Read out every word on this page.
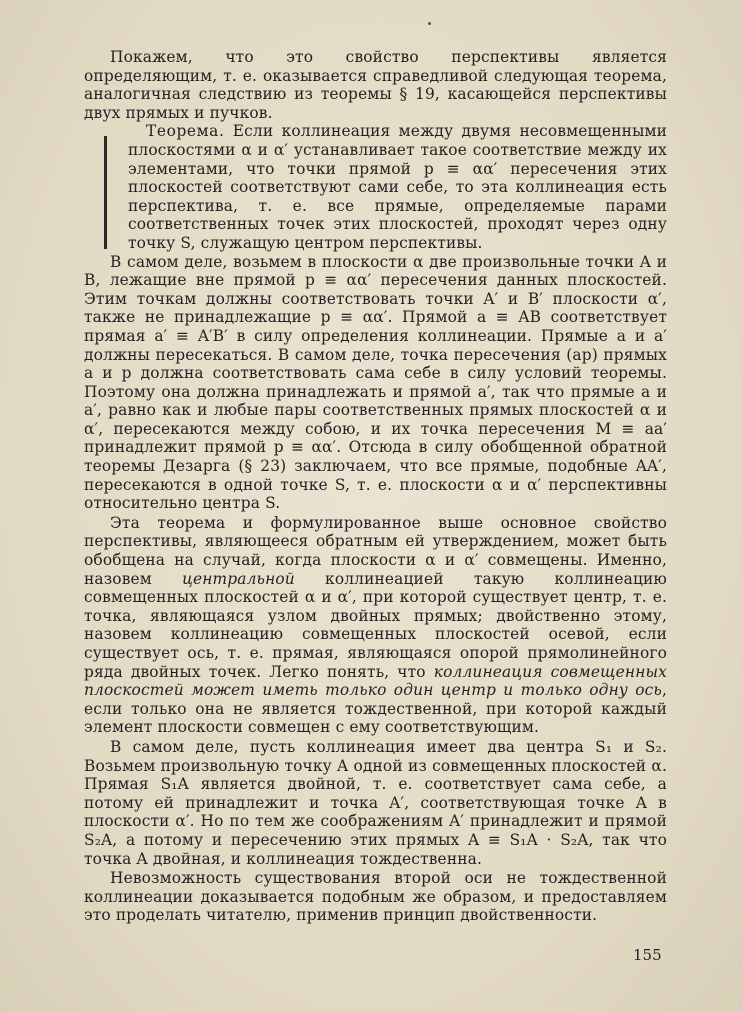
Покажем, что это свойство перспективы является определяющим, т. е. оказывается справедливой следующая теорема, аналогичная следствию из теоремы § 19, касающейся перспективы двух прямых и пучков.

Теорема. Если коллинеация между двумя несовмещенными плоскостями α и α′ устанавливает такое соответствие между их элементами, что точки прямой p ≡ αα′ пересечения этих плоскостей соответствуют сами себе, то эта коллинеация есть перспектива, т. е. все прямые, определяемые парами соответственных точек этих плоскостей, проходят через одну точку S, служащую центром перспективы.

В самом деле, возьмем в плоскости α две произвольные точки A и B, лежащие вне прямой p ≡ αα′ пересечения данных плоскостей. Этим точкам должны соответствовать точки A′ и B′ плоскости α′, также не принадлежащие p ≡ αα′. Прямой a ≡ AB соответствует прямая a′ ≡ A′B′ в силу определения коллинеации. Прямые a и a′ должны пересекаться. В самом деле, точка пересечения (ap) прямых a и p должна соответствовать сама себе в силу условий теоремы. Поэтому она должна принадлежать и прямой a′, так что прямые a и a′, равно как и любые пары соответственных прямых плоскостей α и α′, пересекаются между собою, и их точка пересечения M ≡ aa′ принадлежит прямой p ≡ αα′. Отсюда в силу обобщенной обратной теоремы Дезарга (§ 23) заключаем, что все прямые, подобные AA′, пересекаются в одной точке S, т. е. плоскости α и α′ перспективны относительно центра S.

Эта теорема и формулированное выше основное свойство перспективы, являющееся обратным ей утверждением, может быть обобщена на случай, когда плоскости α и α′ совмещены. Именно, назовем центральной коллинеацией такую коллинеацию совмещенных плоскостей α и α′, при которой существует центр, т. е. точка, являющаяся узлом двойных прямых; двойственно этому, назовем коллинеацию совмещенных плоскостей осевой, если существует ось, т. е. прямая, являющаяся опорой прямолинейного ряда двойных точек. Легко понять, что коллинеация совмещенных плоскостей может иметь только один центр и только одну ось, если только она не является тождественной, при которой каждый элемент плоскости совмещен с ему соответствующим.

В самом деле, пусть коллинеация имеет два центра S₁ и S₂. Возьмем произвольную точку A одной из совмещенных плоскостей α. Прямая S₁A является двойной, т. е. соответствует сама себе, а потому ей принадлежит и точка A′, соответствующая точке A в плоскости α′. Но по тем же соображениям A′ принадлежит и прямой S₂A, а потому и пересечению этих прямых A ≡ S₁A · S₂A, так что точка A двойная, и коллинеация тождественна.

Невозможность существования второй оси не тождественной коллинеации доказывается подобным же образом, и предоставляем это проделать читателю, применив принцип двойственности.

155
